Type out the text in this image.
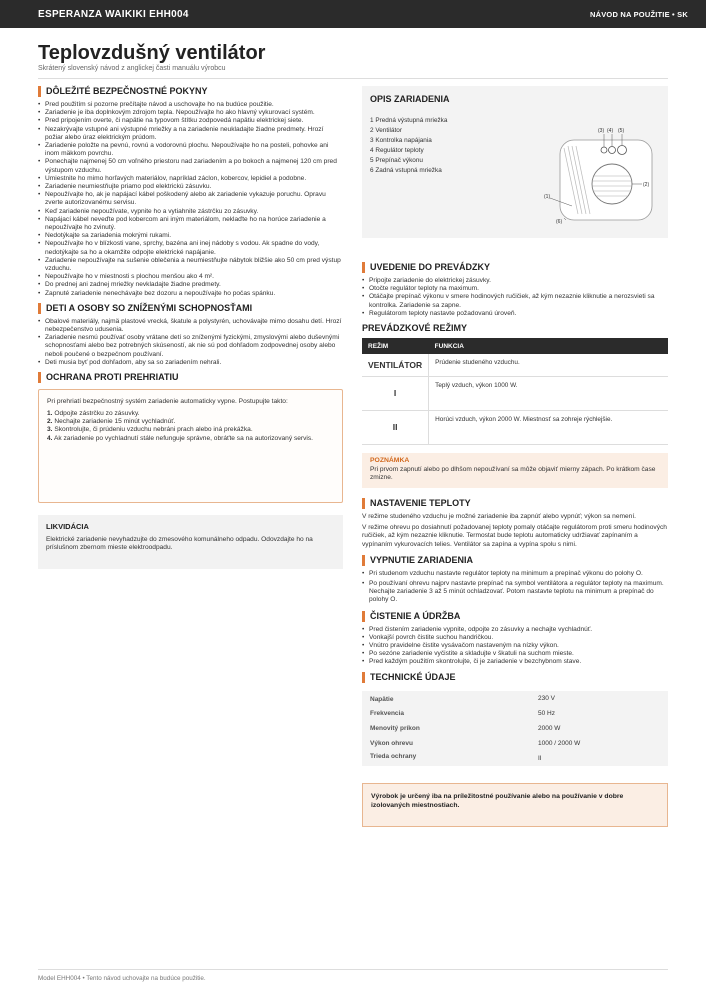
ESPERANZA WAIKIKI EHH004	NÁVOD NA POUŽITIE • SK
Teplovzdušný ventilátor
Skrátený slovenský návod z anglickej časti manuálu výrobcu
DÔLEŽITÉ BEZPEČNOSTNÉ POKYNY
• Pred použitím si pozorne prečítajte návod a uschovajte ho na budúce použitie.
• Zariadenie je iba doplnkovým zdrojom tepla. Nepoužívajte ho ako hlavný vykurovací systém.
• Pred pripojením overte, či napätie na typovom štítku zodpovedá napätiu elektrickej siete.
• Nezakrývajte vstupné ani výstupné mriežky a na zariadenie neukladajte žiadne predmety. Hrozí požiar alebo úraz elektrickým prúdom.
• Zariadenie položte na pevnú, rovnú a vodorovnú plochu. Nepoužívajte ho na posteli, pohovke ani inom mäkkom povrchu.
• Ponechajte najmenej 50 cm voľného priestoru nad zariadením a po bokoch a najmenej 120 cm pred výstupom vzduchu.
• Umiestnite ho mimo horľavých materiálov, napríklad záclon, kobercov, lepidiel a podobne.
• Zariadenie neumiestňujte priamo pod elektrickú zásuvku.
• Nepoužívajte ho, ak je napájací kábel poškodený alebo ak zariadenie vykazuje poruchu. Opravu zverte autorizovanému servisu.
• Keď zariadenie nepoužívate, vypnite ho a vytiahnite zástrčku zo zásuvky.
• Napájací kábel neveďte pod kobercom ani iným materiálom, neklaďte ho na horúce zariadenie a nepoužívajte ho zvinutý.
• Nedotýkajte sa zariadenia mokrými rukami.
• Nepoužívajte ho v blízkosti vane, sprchy, bazéna ani inej nádoby s vodou. Ak spadne do vody, nedotýkajte sa ho a okamžite odpojte elektrické napájanie.
• Zariadenie nepoužívajte na sušenie oblečenia a neumiestňujte nábytok bližšie ako 50 cm pred výstup vzduchu.
• Nepoužívajte ho v miestnosti s plochou menšou ako 4 m².
• Do prednej ani zadnej mriežky nevkladajte žiadne predmety.
• Zapnuté zariadenie nenechávajte bez dozoru a nepoužívajte ho počas spánku.
DETI A OSOBY SO ZNÍŽENÝMI SCHOPNOSŤAMI
• Obalové materiály, najmä plastové vrecká, škatule a polystyrén, uchovávajte mimo dosahu detí. Hrozí nebezpečenstvo udusenia.
• Zariadenie nesmú používať osoby vrátane detí so zníženými fyzickými, zmyslovými alebo duševnými schopnosťami alebo bez potrebných skúseností, ak nie sú pod dohľadom zodpovednej osoby alebo neboli poučené o bezpečnom používaní.
• Deti musia byť pod dohľadom, aby sa so zariadením nehrali.
OCHRANA PROTI PREHRIATIU
Pri prehriatí bezpečnostný systém zariadenie automaticky vypne. Postupujte takto:
1. Odpojte zástrčku zo zásuvky.
2. Nechajte zariadenie 15 minút vychladnúť.
3. Skontrolujte, či prúdeniu vzduchu nebráni prach alebo iná prekážka.
4. Ak zariadenie po vychladnutí stále nefunguje správne, obráťte sa na autorizovaný servis.
LIKVIDÁCIA
Elektrické zariadenie nevyhadzujte do zmesového komunálneho odpadu. Odovzdajte ho na príslušnom zbernom mieste elektroodpadu.
OPIS ZARIADENIA
1 Predná výstupná mriežka
2 Ventilátor
3 Kontrolka napájania
4 Regulátor teploty
5 Prepínač výkonu
6 Zadná vstupná mriežka
(3) (4) (5)
(2)
(1)
(6)
UVEDENIE DO PREVÁDZKY
• Pripojte zariadenie do elektrickej zásuvky.
• Otočte regulátor teploty na maximum.
• Otáčajte prepínač výkonu v smere hodinových ručičiek, až kým nezaznie kliknutie a nerozsvieti sa kontrolka. Zariadenie sa zapne.
• Regulátorom teploty nastavte požadovanú úroveň.
PREVÁDZKOVÉ REŽIMY
REŽIM	FUNKCIA
VENTILÁTOR	Prúdenie studeného vzduchu.
I	Teplý vzduch, výkon 1000 W.
II	Horúci vzduch, výkon 2000 W. Miestnosť sa zohreje rýchlejšie.
POZNÁMKA
Pri prvom zapnutí alebo po dlhšom nepoužívaní sa môže objaviť mierny zápach. Po krátkom čase zmizne.
NASTAVENIE TEPLOTY
V režime studeného vzduchu je možné zariadenie iba zapnúť alebo vypnúť; výkon sa nemení.
V režime ohrevu po dosiahnutí požadovanej teploty pomaly otáčajte regulátorom proti smeru hodinových ručičiek, až kým nezaznie kliknutie. Termostat bude teplotu automaticky udržiavať zapínaním a vypínaním vykurovacích telies. Ventilátor sa zapína a vypína spolu s nimi.
VYPNUTIE ZARIADENIA
• Pri studenom vzduchu nastavte regulátor teploty na minimum a prepínač výkonu do polohy O.
• Po používaní ohrevu najprv nastavte prepínač na symbol ventilátora a regulátor teploty na maximum. Nechajte zariadenie 3 až 5 minút ochladzovať. Potom nastavte teplotu na minimum a prepínač do polohy O.
ČISTENIE A ÚDRŽBA
• Pred čistením zariadenie vypnite, odpojte zo zásuvky a nechajte vychladnúť.
• Vonkajší povrch čistite suchou handričkou.
• Vnútro pravidelne čistite vysávačom nastaveným na nízky výkon.
• Po sezóne zariadenie vyčistite a skladujte v škatuli na suchom mieste.
• Pred každým použitím skontrolujte, či je zariadenie v bezchybnom stave.
TECHNICKÉ ÚDAJE
Napätie	230 V
Frekvencia	50 Hz
Menovitý príkon	2000 W
Výkon ohrevu	1000 / 2000 W
Trieda ochrany	II
Výrobok je určený iba na príležitostné používanie alebo na používanie v dobre izolovaných miestnostiach.
Model EHH004 • Tento návod uchovajte na budúce použitie.
